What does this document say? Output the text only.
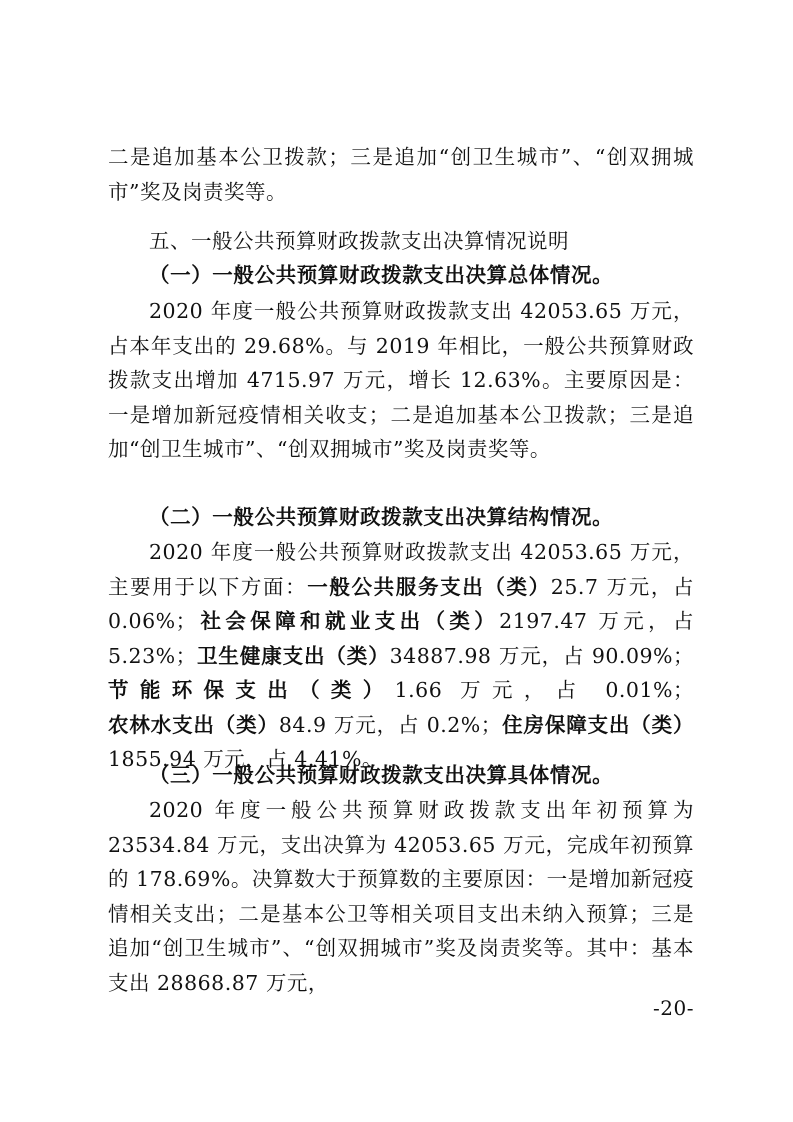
二是追加基本公卫拨款；三是追加“创卫生城市”、“创双拥城市”奖及岗责奖等。
五、一般公共预算财政拨款支出决算情况说明
（一）一般公共预算财政拨款支出决算总体情况。
2020 年度一般公共预算财政拨款支出 42053.65 万元，占本年支出的 29.68%。与 2019 年相比，一般公共预算财政拨款支出增加 4715.97 万元，增长 12.63%。主要原因是：一是增加新冠疫情相关收支；二是追加基本公卫拨款；三是追加“创卫生城市”、“创双拥城市”奖及岗责奖等。
（二）一般公共预算财政拨款支出决算结构情况。
2020 年度一般公共预算财政拨款支出 42053.65 万元，主要用于以下方面：一般公共服务支出（类）25.7 万元，占 0.06%；社会保障和就业支出（类）2197.47 万元，占 5.23%；卫生健康支出（类）34887.98 万元，占 90.09%；节能环保支出（类）1.66 万元，占 0.01%；农林水支出（类）84.9 万元，占 0.2%；住房保障支出（类）1855.94 万元，占 4.41%。
（三）一般公共预算财政拨款支出决算具体情况。
2020 年度一般公共预算财政拨款支出年初预算为 23534.84 万元，支出决算为 42053.65 万元，完成年初预算的 178.69%。决算数大于预算数的主要原因：一是增加新冠疫情相关支出；二是基本公卫等相关项目支出未纳入预算；三是追加“创卫生城市”、“创双拥城市”奖及岗责奖等。其中：基本支出 28868.87 万元，
-20-
